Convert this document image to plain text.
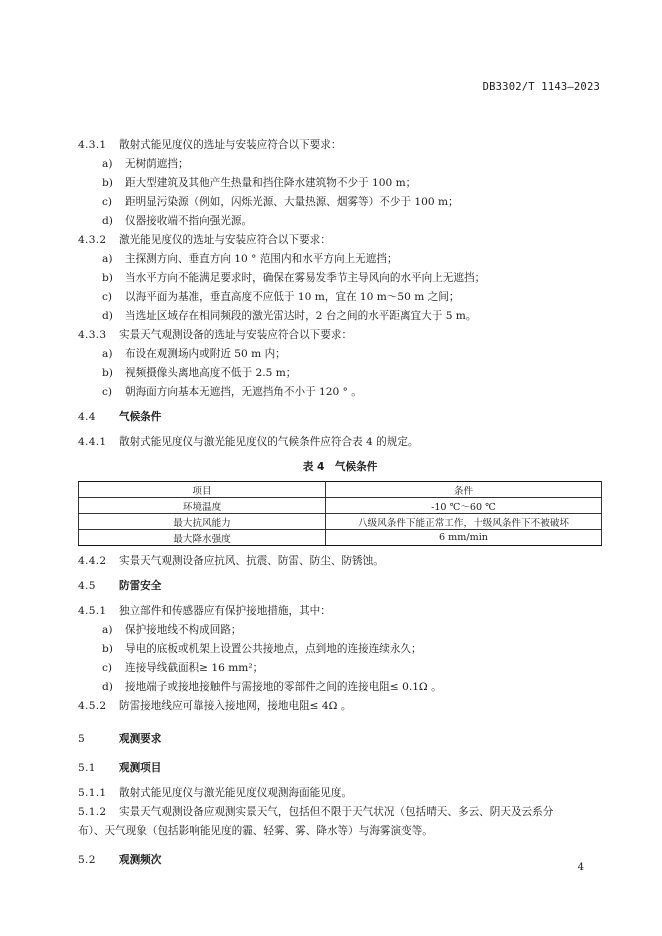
DB3302/T 1143—2023
4.3.1	散射式能见度仪的选址与安装应符合以下要求：
a)	无树荫遮挡；
b)	距大型建筑及其他产生热量和挡住降水建筑物不少于 100 m；
c)	距明显污染源（例如，闪烁光源、大量热源、烟雾等）不少于 100 m；
d)	仪器接收端不指向强光源。
4.3.2	激光能见度仪的选址与安装应符合以下要求：
a)	主探测方向、垂直方向 10 ° 范围内和水平方向上无遮挡；
b)	当水平方向不能满足要求时，确保在雾易发季节主导风向的水平向上无遮挡；
c)	以海平面为基准，垂直高度不应低于 10 m，宜在 10 m～50 m 之间；
d)	当选址区域存在相同频段的激光雷达时，2 台之间的水平距离宜大于 5 m。
4.3.3	实景天气观测设备的选址与安装应符合以下要求：
a)	布设在观测场内或附近 50 m 内；
b)	视频摄像头离地高度不低于 2.5 m；
c)	朝海面方向基本无遮挡，无遮挡角不小于 120 ° 。
4.4	气候条件
4.4.1	散射式能见度仪与激光能见度仪的气候条件应符合表 4 的规定。
表 4　气候条件
项目	条件
环境温度	-10 ℃～60 ℃
最大抗风能力	八级风条件下能正常工作，十级风条件下不被破坏
最大降水强度	6 mm/min
4.4.2	实景天气观测设备应抗风、抗震、防雷、防尘、防锈蚀。
4.5	防雷安全
4.5.1	独立部件和传感器应有保护接地措施，其中：
a)	保护接地线不构成回路；
b)	导电的底板或机架上设置公共接地点，点到地的连接连续永久；
c)	连接导线截面积≥ 16 mm²；
d)	接地端子或接地接触件与需接地的零部件之间的连接电阻≤ 0.1Ω 。
4.5.2	防雷接地线应可靠接入接地网，接地电阻≤ 4Ω 。
5	观测要求
5.1	观测项目
5.1.1	散射式能见度仪与激光能见度仪观测海面能见度。
5.1.2	实景天气观测设备应观测实景天气，包括但不限于天气状况（包括晴天、多云、阴天及云系分
布）、天气现象（包括影响能见度的霾、轻雾、雾、降水等）与海雾演变等。
5.2	观测频次
4
